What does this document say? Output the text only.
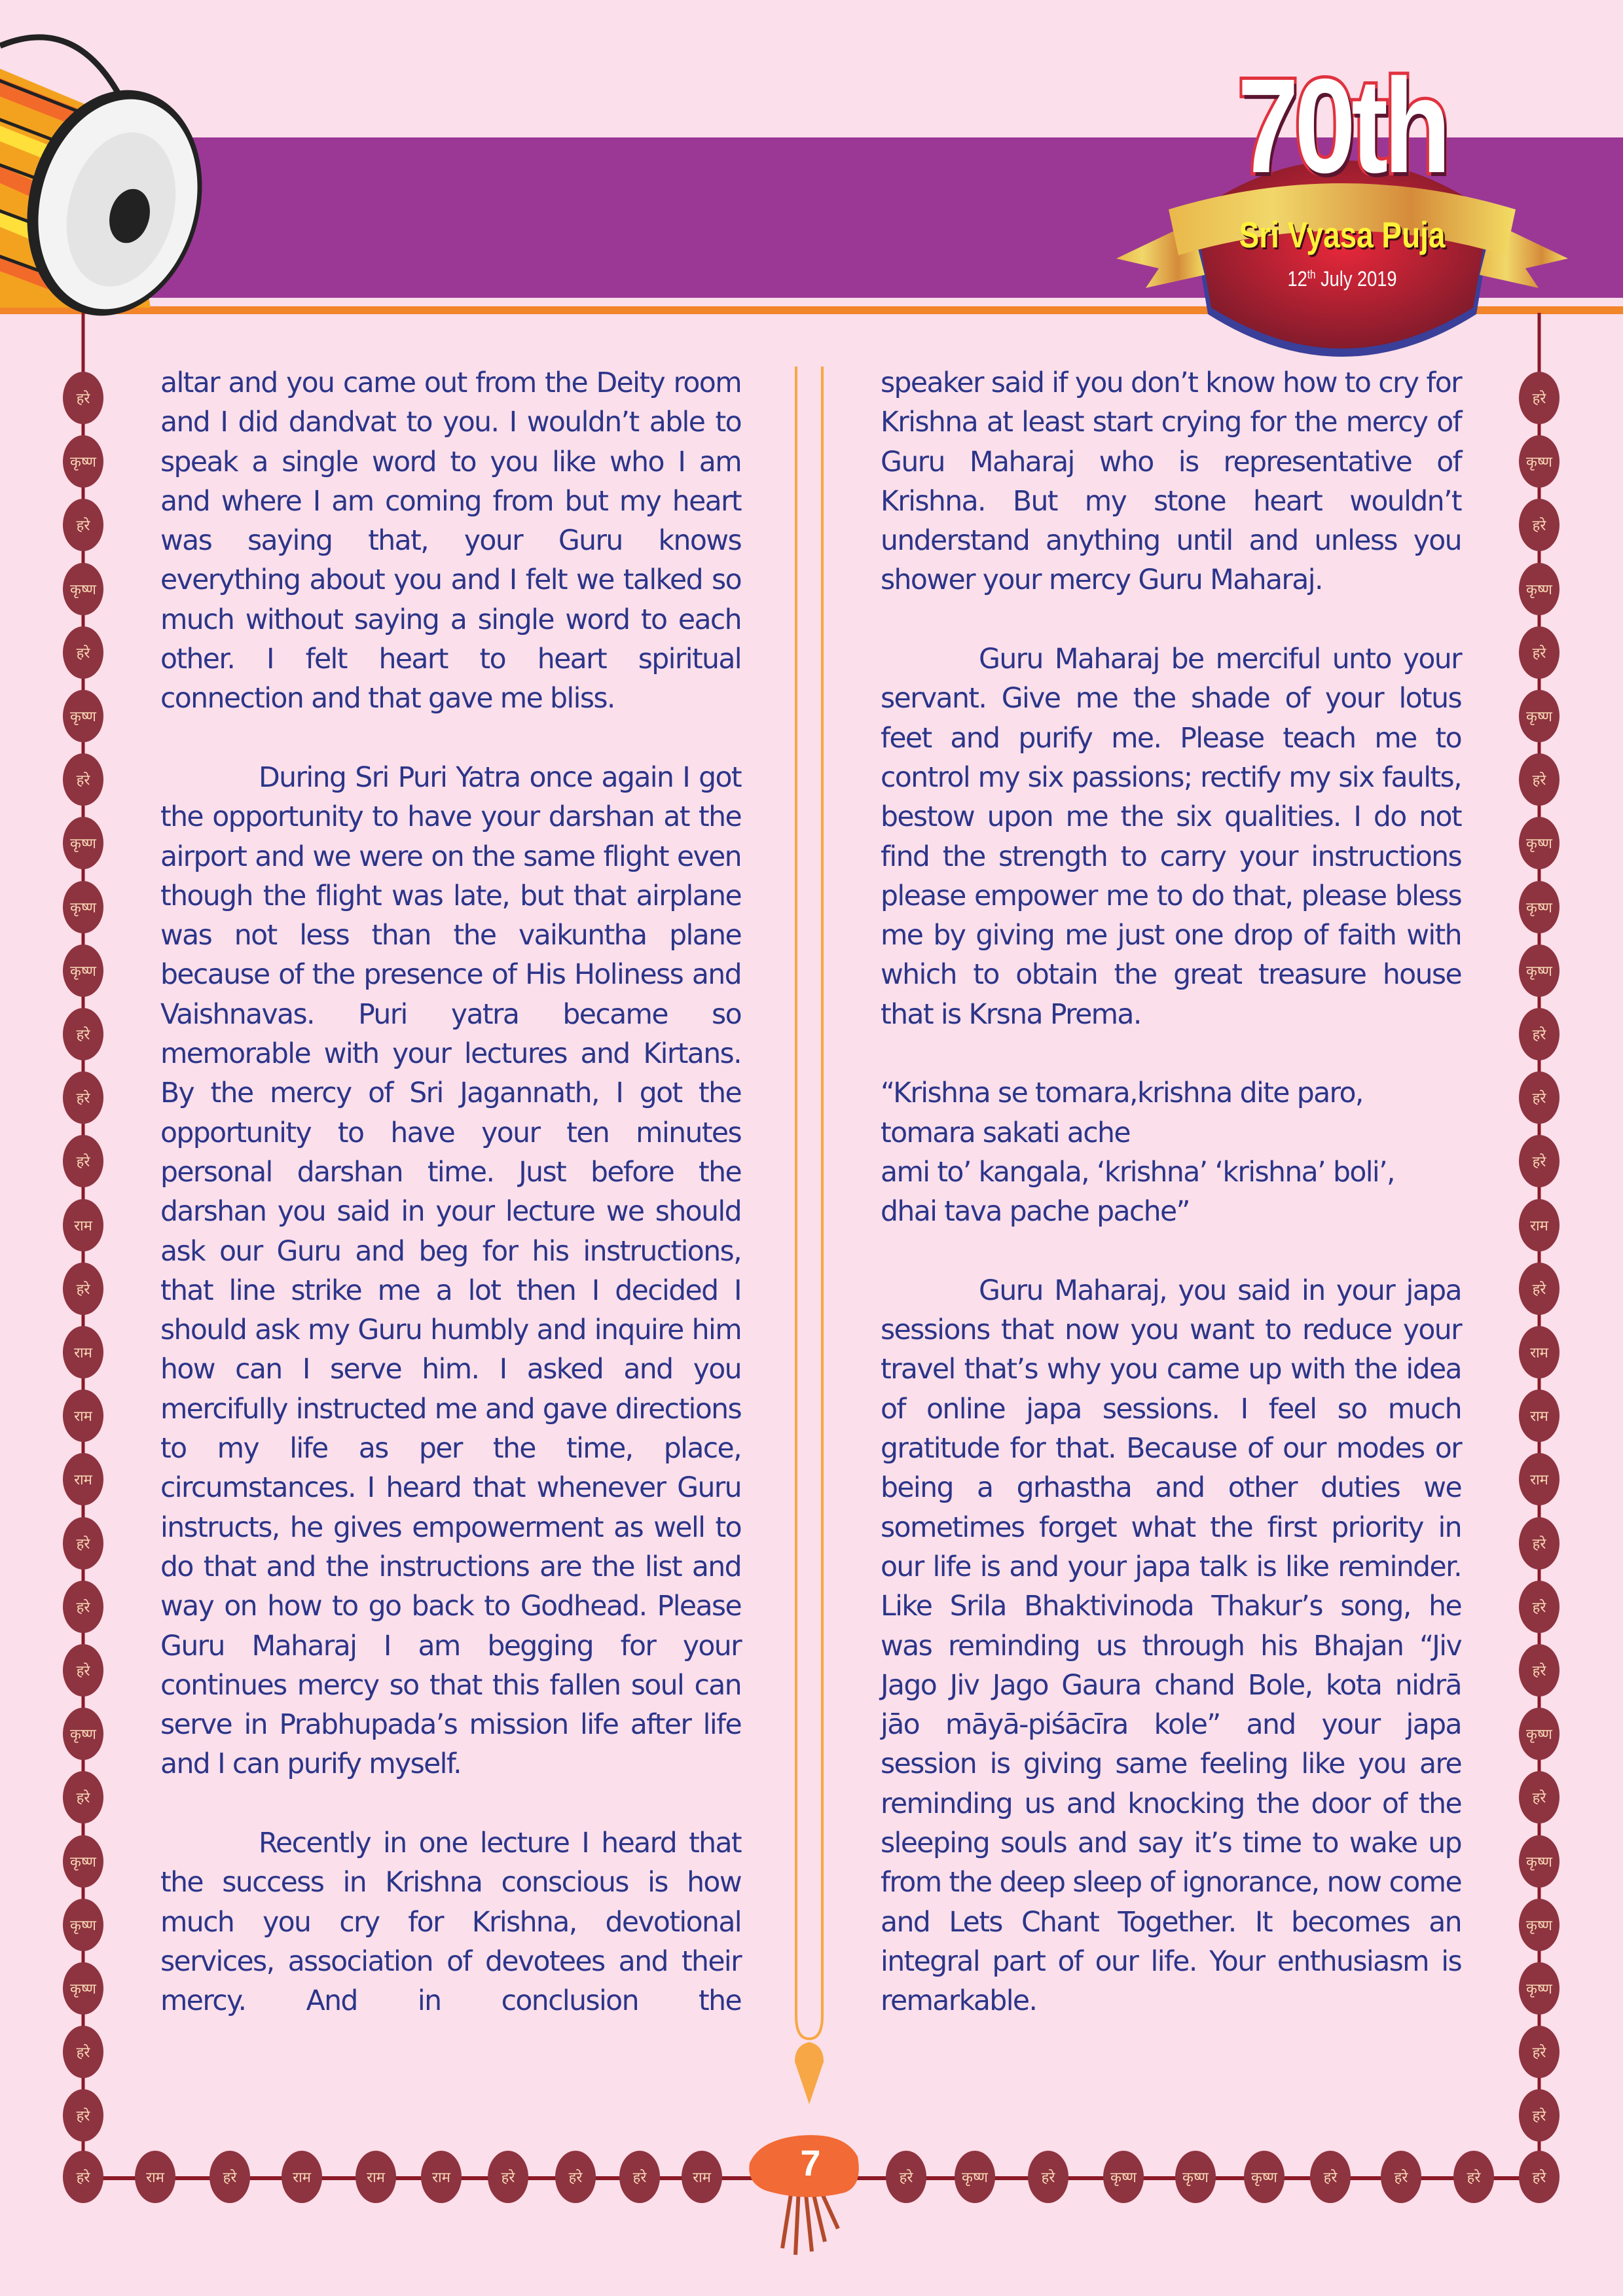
70th
Sri Vyasa Puja
12th July 2019

altar and you came out from the Deity room and I did dandvat to you. I wouldn’t able to speak a single word to you like who I am and where I am coming from but my heart was saying that, your Guru knows everything about you and I felt we talked so much without saying a single word to each other. I felt heart to heart spiritual connection and that gave me bliss.

During Sri Puri Yatra once again I got the opportunity to have your darshan at the airport and we were on the same flight even though the flight was late, but that airplane was not less than the vaikuntha plane because of the presence of His Holiness and Vaishnavas. Puri yatra became so memorable with your lectures and Kirtans. By the mercy of Sri Jagannath, I got the opportunity to have your ten minutes personal darshan time. Just before the darshan you said in your lecture we should ask our Guru and beg for his instructions, that line strike me a lot then I decided I should ask my Guru humbly and inquire him how can I serve him. I asked and you mercifully instructed me and gave directions to my life as per the time, place, circumstances. I heard that whenever Guru instructs, he gives empowerment as well to do that and the instructions are the list and way on how to go back to Godhead. Please Guru Maharaj I am begging for your continues mercy so that this fallen soul can serve in Prabhupada’s mission life after life and I can purify myself.

Recently in one lecture I heard that the success in Krishna conscious is how much you cry for Krishna, devotional services, association of devotees and their mercy. And in conclusion the

speaker said if you don’t know how to cry for Krishna at least start crying for the mercy of Guru Maharaj who is representative of Krishna. But my stone heart wouldn’t understand anything until and unless you shower your mercy Guru Maharaj.

Guru Maharaj be merciful unto your servant. Give me the shade of your lotus feet and purify me. Please teach me to control my six passions; rectify my six faults, bestow upon me the six qualities. I do not find the strength to carry your instructions please empower me to do that, please bless me by giving me just one drop of faith with which to obtain the great treasure house that is Krsna Prema.

“Krishna se tomara,krishna dite paro,
tomara sakati ache
ami to’ kangala, ‘krishna’ ‘krishna’ boli’,
dhai tava pache pache”

Guru Maharaj, you said in your japa sessions that now you want to reduce your travel that’s why you came up with the idea of online japa sessions. I feel so much gratitude for that. Because of our modes or being a grhastha and other duties we sometimes forget what the first priority in our life is and your japa talk is like reminder. Like Srila Bhaktivinoda Thakur’s song, he was reminding us through his Bhajan “Jiv Jago Jiv Jago Gaura chand Bole, kota nidrā jāo māyā-piśācīra kole” and your japa session is giving same feeling like you are reminding us and knocking the door of the sleeping souls and say it’s time to wake up from the deep sleep of ignorance, now come and Lets Chant Together. It becomes an integral part of our life. Your enthusiasm is remarkable.

हरे
कृष्ण
हरे
कृष्ण
हरे
कृष्ण
हरे
कृष्ण
कृष्ण
कृष्ण
हरे
हरे
हरे
राम
हरे
राम
राम
राम
हरे
हरे
हरे
कृष्ण
हरे
कृष्ण
कृष्ण
कृष्ण
हरे
हरे
हरे
कृष्ण
हरे
कृष्ण
हरे
कृष्ण
हरे
कृष्ण
कृष्ण
कृष्ण
हरे
हरे
हरे
राम
हरे
राम
राम
राम
हरे
हरे
हरे
कृष्ण
हरे
कृष्ण
कृष्ण
कृष्ण
हरे
हरे
हरे	राम	हरे	राम	राम	राम	हरे	हरे	हरे	राम	हरे	कृष्ण	हरे	कृष्ण	कृष्ण	कृष्ण	हरे	हरे	हरे	हरे
7
